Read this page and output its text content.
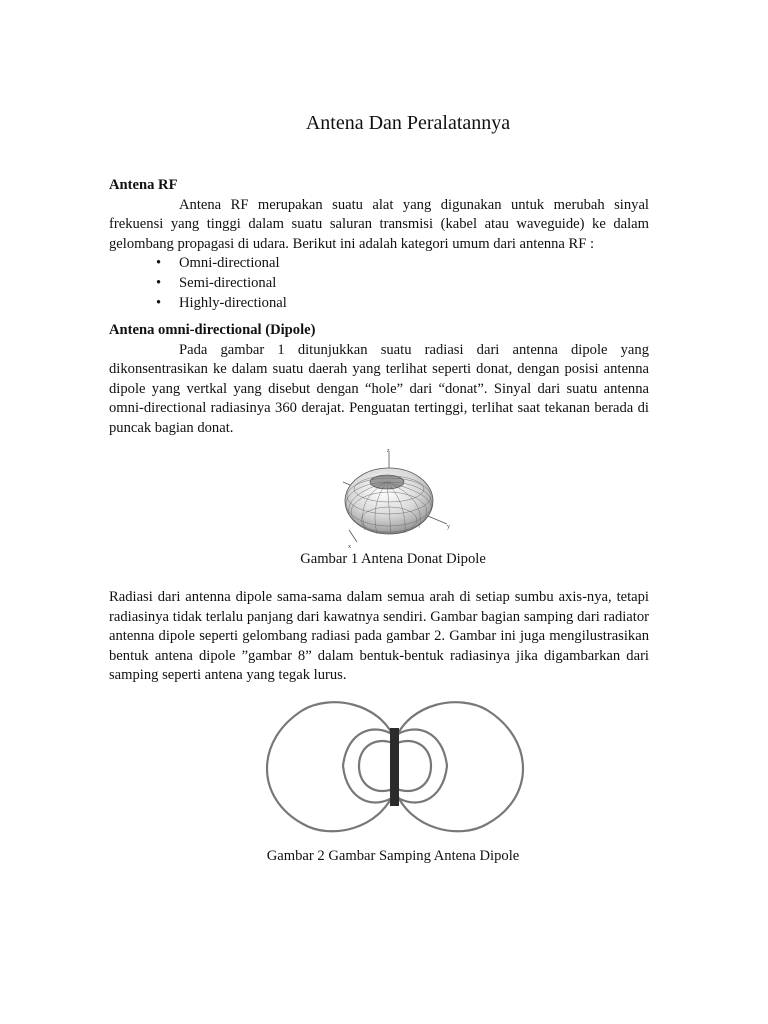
Antena Dan Peralatannya
Antena RF

Antena RF merupakan suatu alat yang digunakan untuk merubah sinyal frekuensi yang tinggi dalam suatu saluran transmisi (kabel atau waveguide) ke dalam gelombang propagasi di udara. Berikut ini adalah kategori umum dari antenna RF :

• Omni-directional
• Semi-directional
• Highly-directional
Antena omni-directional (Dipole)

Pada gambar 1 ditunjukkan suatu radiasi dari antenna dipole yang dikonsentrasikan ke dalam suatu daerah yang terlihat seperti donat, dengan posisi antenna dipole yang vertkal yang disebut dengan “hole” dari “donat”. Sinyal dari suatu antenna omni-directional radiasinya 360 derajat. Penguatan tertinggi, terlihat saat tekanan berada di puncak bagian donat.

z
y
x
Gambar 1 Antena Donat Dipole

Radiasi dari antenna dipole sama-sama dalam semua arah di setiap sumbu axis-nya, tetapi radiasinya tidak terlalu panjang dari kawatnya sendiri. Gambar bagian samping dari radiator antenna dipole seperti gelombang radiasi pada gambar 2. Gambar ini juga mengilustrasikan bentuk antena dipole ”gambar 8” dalam bentuk-bentuk radiasinya jika digambarkan dari samping seperti antena yang tegak lurus.

Gambar 2 Gambar Samping Antena Dipole
